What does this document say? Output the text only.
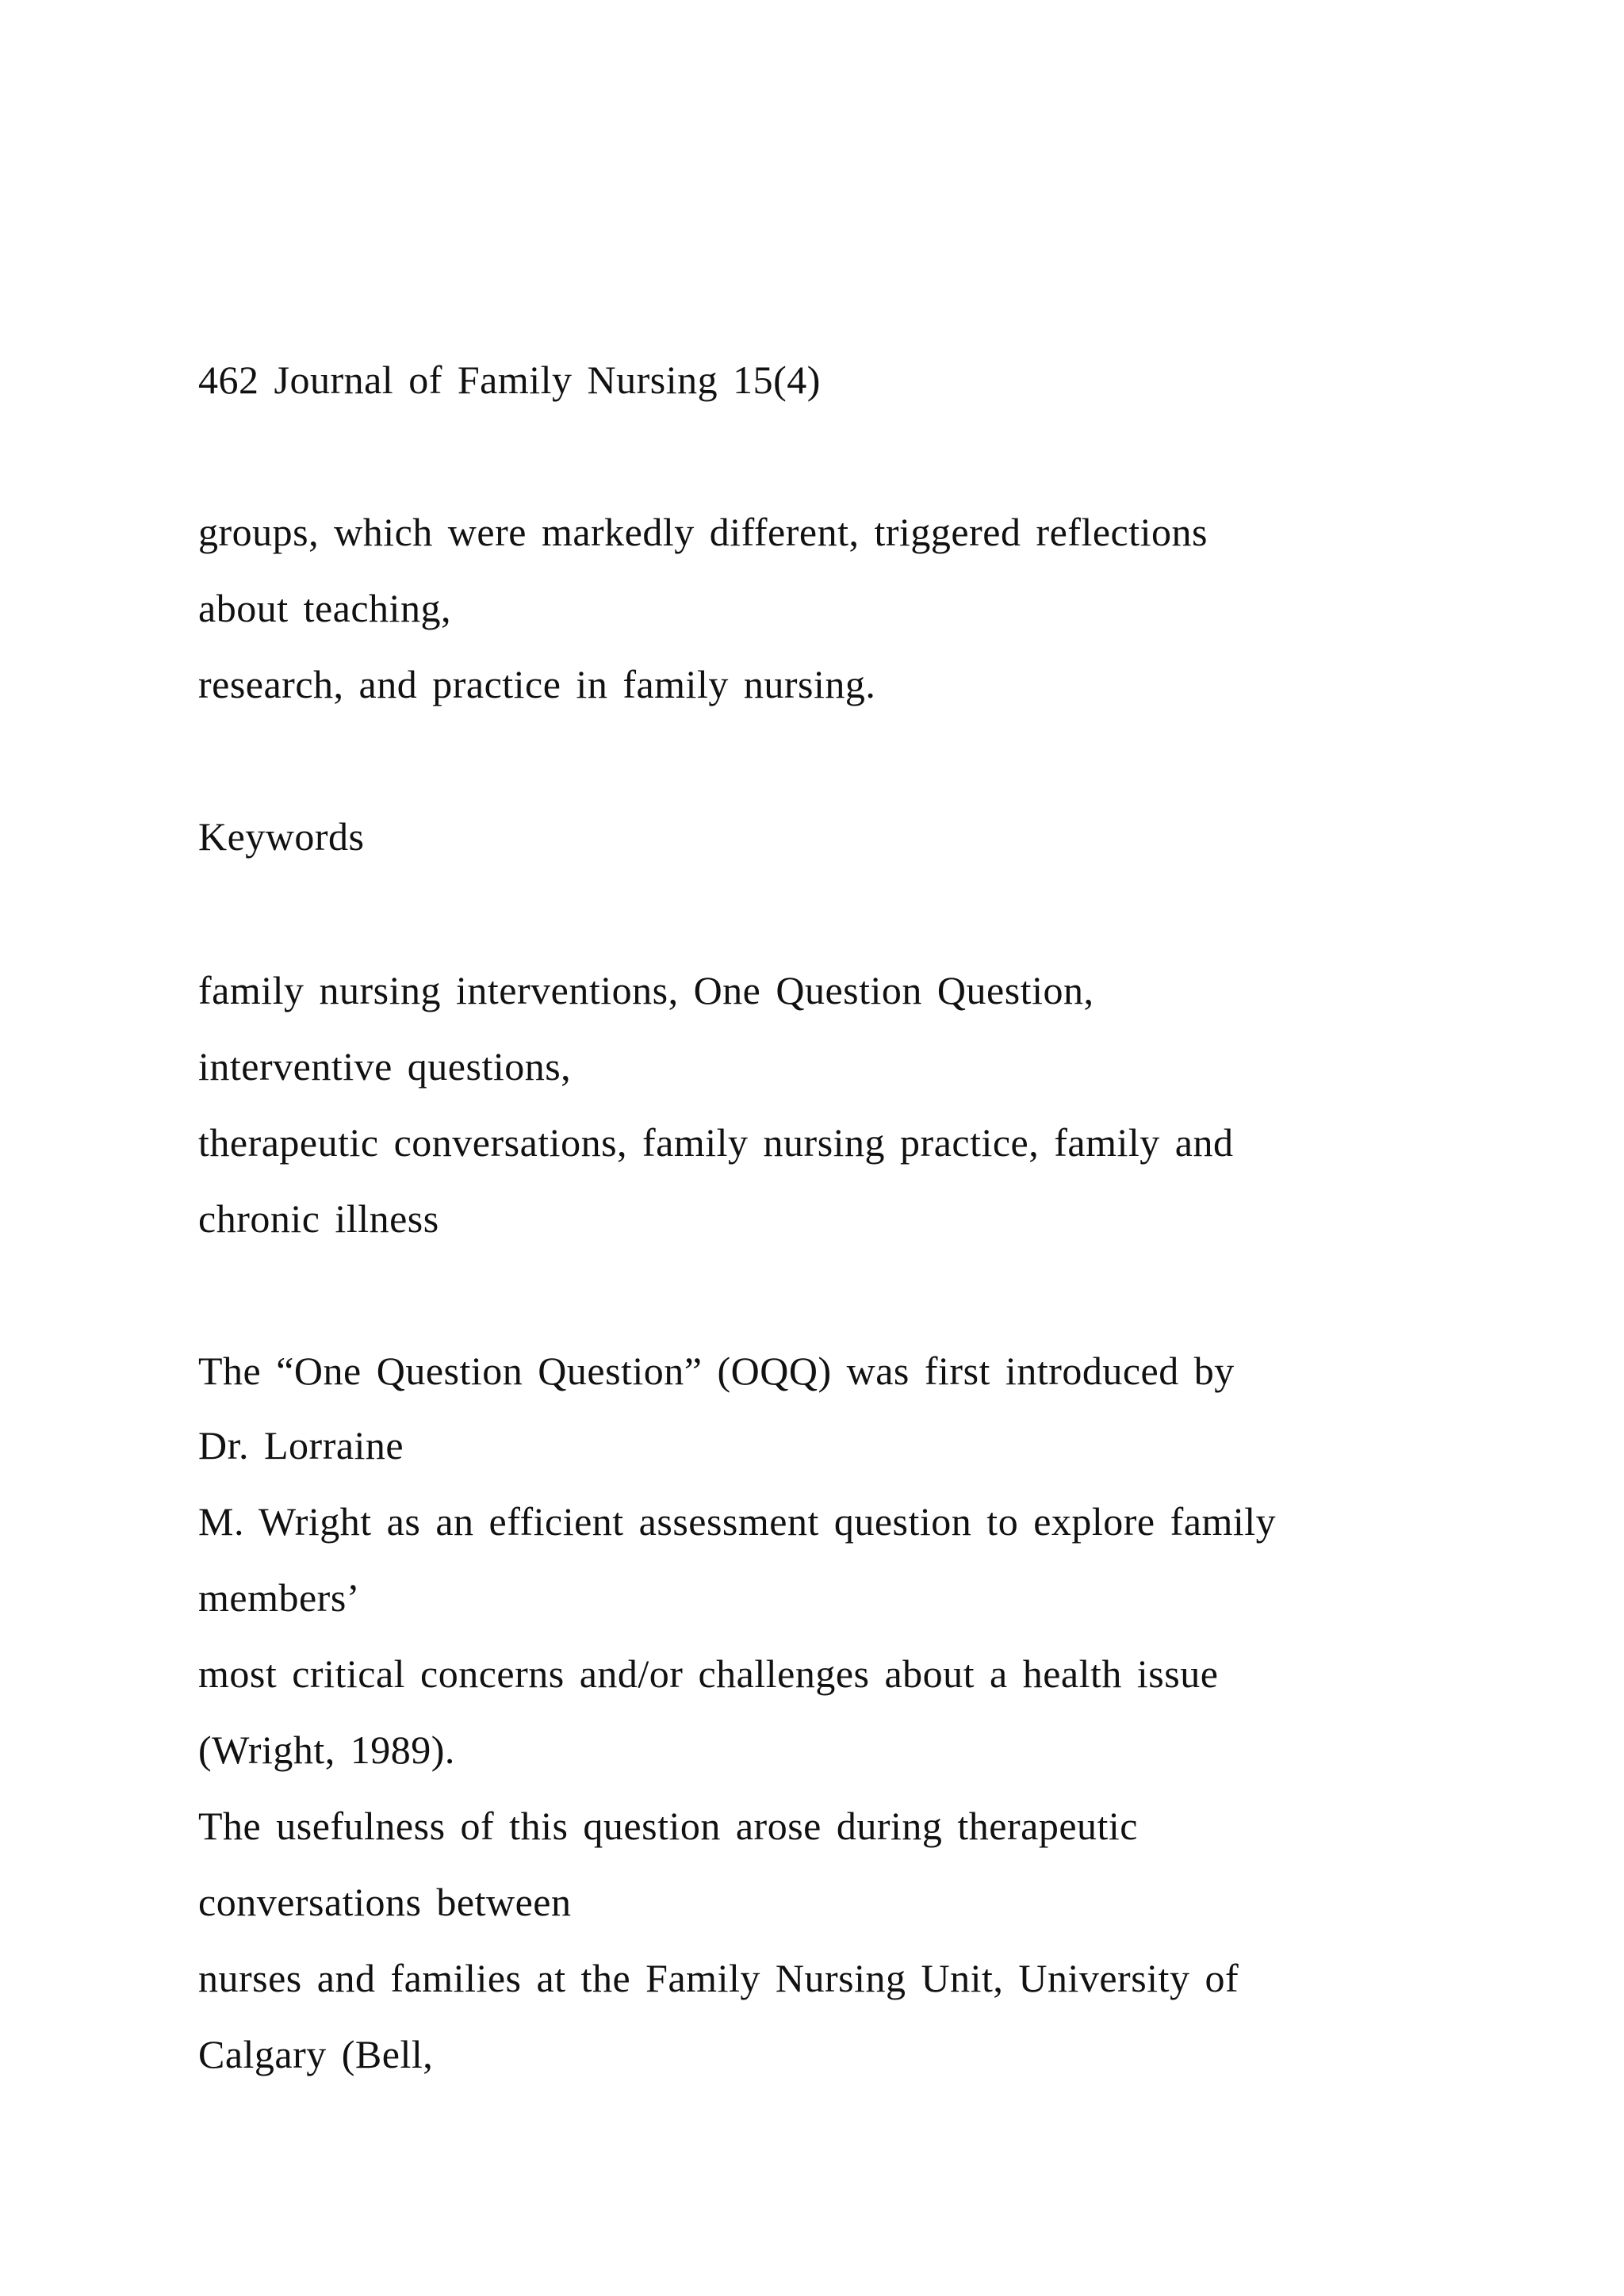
462 Journal of Family Nursing 15(4)
groups, which were markedly different, triggered reflections
about teaching,
research, and practice in family nursing.
Keywords
family nursing interventions, One Question Question,
interventive questions,
therapeutic conversations, family nursing practice, family and
chronic illness
The “One Question Question” (OQQ) was first introduced by
Dr. Lorraine
M. Wright as an efficient assessment question to explore family
members’
most critical concerns and/or challenges about a health issue
(Wright, 1989).
The usefulness of this question arose during therapeutic
conversations between
nurses and families at the Family Nursing Unit, University of
Calgary (Bell,
